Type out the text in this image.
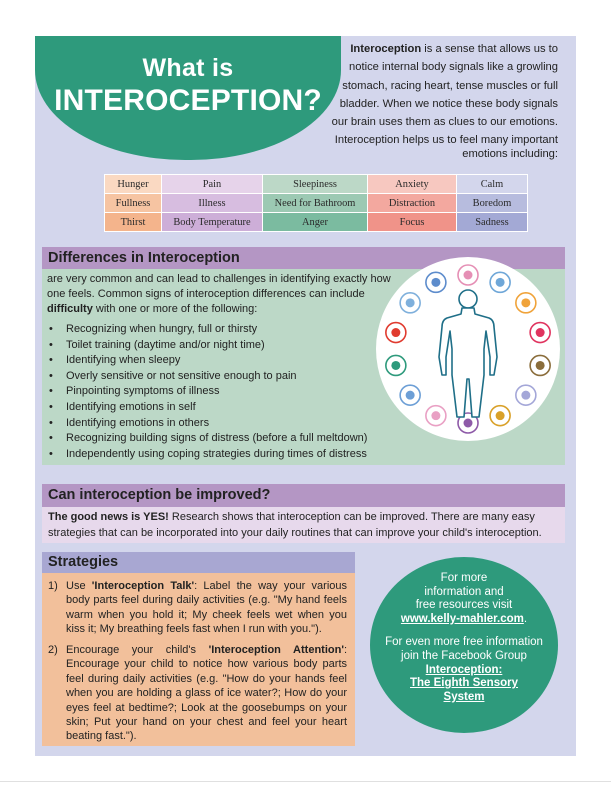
What is
INTEROCEPTION?
Interoception is a sense that allows us to
notice internal body signals like a growling
stomach, racing heart, tense muscles or full
bladder. When we notice these body signals
our brain uses them as clues to our emotions.
Interoception helps us to feel many important
emotions including:
Hunger	Pain	Sleepiness	Anxiety	Calm
Fullness	Illness	Need for Bathroom	Distraction	Boredom
Thirst	Body Temperature	Anger	Focus	Sadness
Differences in Interoception
are very common and can lead to challenges in identifying exactly how one feels. Common signs of interoception differences can include difficulty with one or more of the following:
• Recognizing when hungry, full or thirsty
• Toilet training (daytime and/or night time)
• Identifying when sleepy
• Overly sensitive or not sensitive enough to pain
• Pinpointing symptoms of illness
• Identifying emotions in self
• Identifying emotions in others
• Recognizing building signs of distress (before a full meltdown)
• Independently using coping strategies during times of distress
Can interoception be improved?
The good news is YES! Research shows that interoception can be improved. There are many easy strategies that can be incorporated into your daily routines that can improve your child's interoception.
Strategies
1) Use 'Interoception Talk': Label the way your various body parts feel during daily activities (e.g. "My hand feels warm when you hold it; My cheek feels wet when you kiss it; My breathing feels fast when I run with you.").
2) Encourage your child's 'Interoception Attention': Encourage your child to notice how various body parts feel during daily activities (e.g. "How do your hands feel when you are holding a glass of ice water?; How do your eyes feel at bedtime?; Look at the goosebumps on your skin; Put your hand on your chest and feel your heart beating fast.").
For more
information and
free resources visit
www.kelly-mahler.com.
For even more free information
join the Facebook Group
Interoception:
The Eighth Sensory
System
